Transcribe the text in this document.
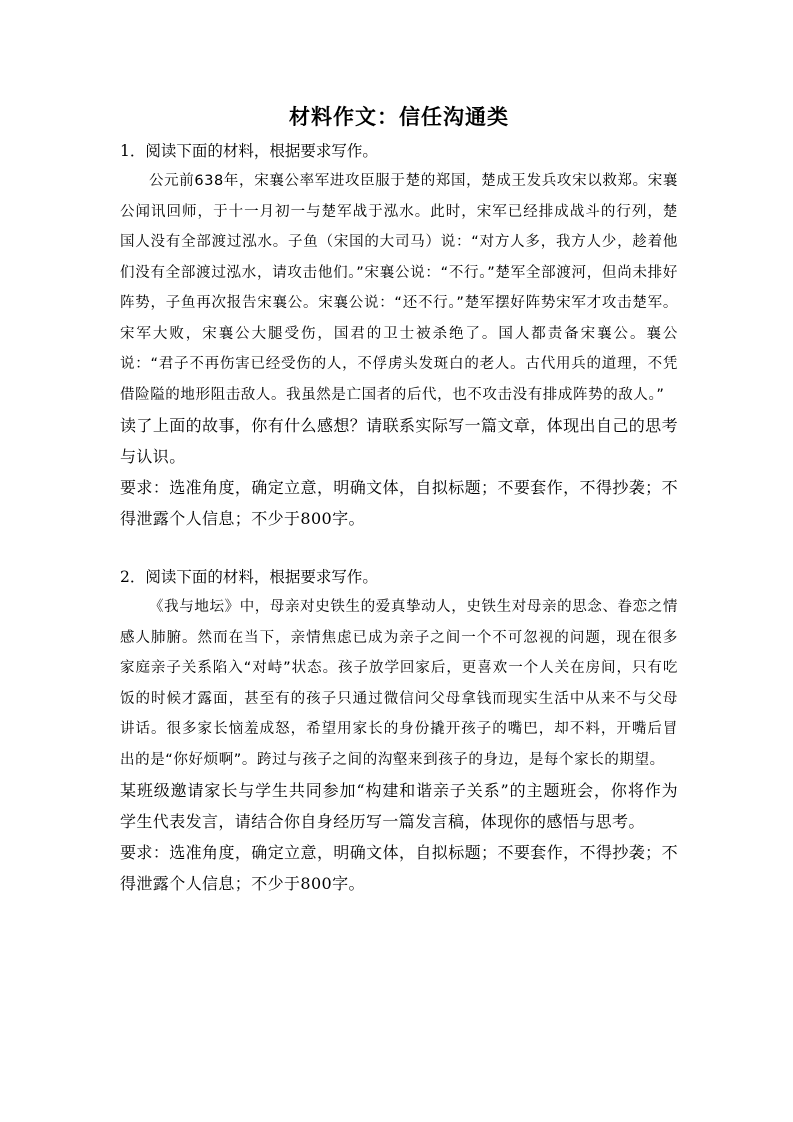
材料作文：信任沟通类

1．阅读下面的材料，根据要求写作。

公元前638年，宋襄公率军进攻臣服于楚的郑国，楚成王发兵攻宋以救郑。宋襄公闻讯回师，于十一月初一与楚军战于泓水。此时，宋军已经排成战斗的行列，楚国人没有全部渡过泓水。子鱼（宋国的大司马）说：“对方人多，我方人少，趁着他们没有全部渡过泓水，请攻击他们。”宋襄公说：“不行。”楚军全部渡河，但尚未排好阵势，子鱼再次报告宋襄公。宋襄公说：“还不行。”楚军摆好阵势宋军才攻击楚军。宋军大败，宋襄公大腿受伤，国君的卫士被杀绝了。国人都责备宋襄公。襄公说：“君子不再伤害已经受伤的人，不俘虏头发斑白的老人。古代用兵的道理，不凭借险隘的地形阻击敌人。我虽然是亡国者的后代，也不攻击没有排成阵势的敌人。”

读了上面的故事，你有什么感想？请联系实际写一篇文章，体现出自己的思考与认识。

要求：选准角度，确定立意，明确文体，自拟标题；不要套作，不得抄袭；不得泄露个人信息；不少于800字。

2．阅读下面的材料，根据要求写作。

《我与地坛》中，母亲对史铁生的爱真挚动人，史铁生对母亲的思念、眷恋之情感人肺腑。然而在当下，亲情焦虑已成为亲子之间一个不可忽视的问题，现在很多家庭亲子关系陷入“对峙”状态。孩子放学回家后，更喜欢一个人关在房间，只有吃饭的时候才露面，甚至有的孩子只通过微信问父母拿钱而现实生活中从来不与父母讲话。很多家长恼羞成怒，希望用家长的身份撬开孩子的嘴巴，却不料，开嘴后冒出的是“你好烦啊”。跨过与孩子之间的沟壑来到孩子的身边，是每个家长的期望。

某班级邀请家长与学生共同参加“构建和谐亲子关系”的主题班会，你将作为学生代表发言，请结合你自身经历写一篇发言稿，体现你的感悟与思考。

要求：选准角度，确定立意，明确文体，自拟标题；不要套作，不得抄袭；不得泄露个人信息；不少于800字。
